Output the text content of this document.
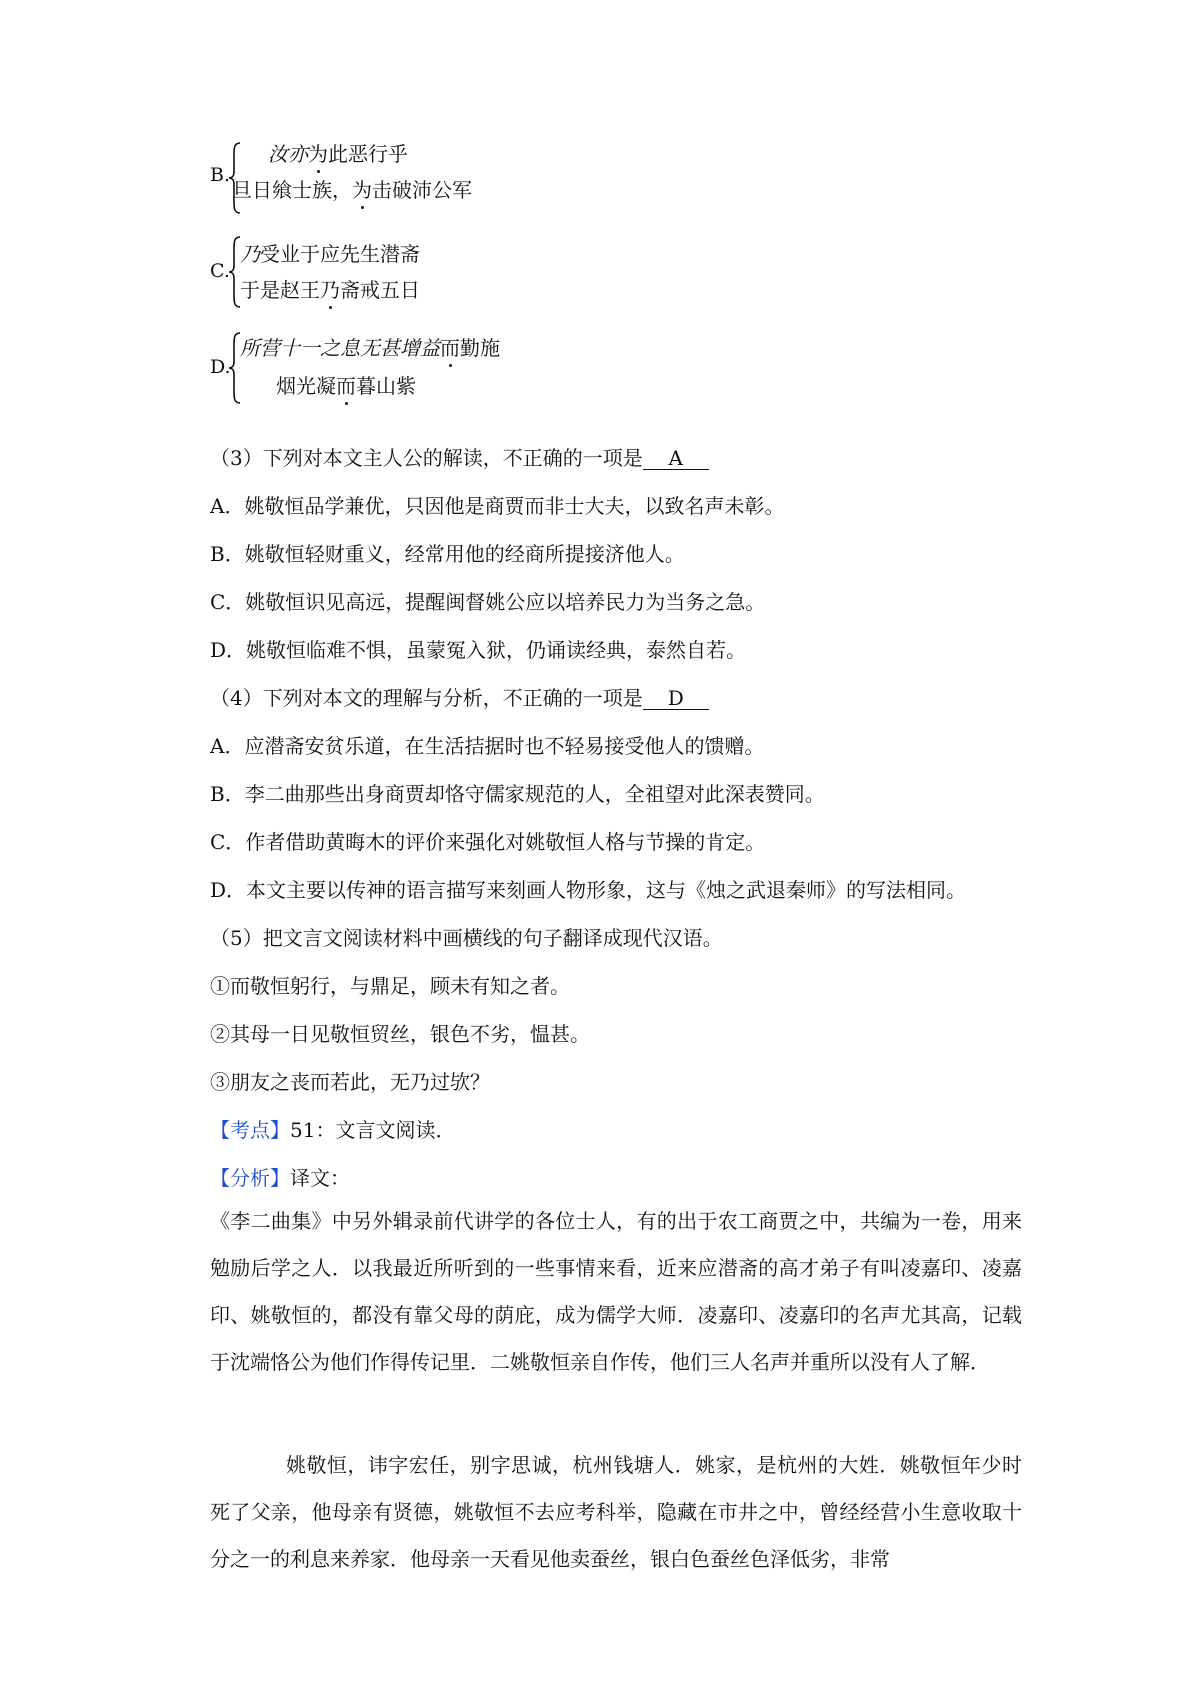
B.
汝亦为此恶行乎
旦日飨士族，为击破沛公军
C.
乃受业于应先生潜斋
于是赵王乃斋戒五日
D.
所营十一之息无甚增益而勤施
烟光凝而暮山紫
（3）下列对本文主人公的解读，不正确的一项是 A
A．姚敬恒品学兼优，只因他是商贾而非士大夫，以致名声未彰。
B．姚敬恒轻财重义，经常用他的经商所提接济他人。
C．姚敬恒识见高远，提醒闽督姚公应以培养民力为当务之急。
D．姚敬恒临难不惧，虽蒙冤入狱，仍诵读经典，泰然自若。
（4）下列对本文的理解与分析，不正确的一项是 D
A．应潜斋安贫乐道，在生活拮据时也不轻易接受他人的馈赠。
B．李二曲那些出身商贾却恪守儒家规范的人，全祖望对此深表赞同。
C．作者借助黄晦木的评价来强化对姚敬恒人格与节操的肯定。
D．本文主要以传神的语言描写来刻画人物形象，这与《烛之武退秦师》的写法相同。
（5）把文言文阅读材料中画横线的句子翻译成现代汉语。
①而敬恒躬行，与鼎足，顾未有知之者。
②其母一日见敬恒贸丝，银色不劣，愠甚。
③朋友之丧而若此，无乃过欤？
【考点】51：文言文阅读．
【分析】译文：
《李二曲集》中另外辑录前代讲学的各位士人，有的出于农工商贾之中，共编为一卷，用来勉励后学之人．以我最近所听到的一些事情来看，近来应潜斋的高才弟子有叫凌嘉印、凌嘉印、姚敬恒的，都没有靠父母的荫庇，成为儒学大师．凌嘉印、凌嘉印的名声尤其高，记载于沈端恪公为他们作得传记里．二姚敬恒亲自作传，他们三人名声并重所以没有人了解．
姚敬恒，讳字宏任，别字思诚，杭州钱塘人．姚家，是杭州的大姓．姚敬恒年少时死了父亲，他母亲有贤德，姚敬恒不去应考科举，隐藏在市井之中，曾经经营小生意收取十分之一的利息来养家．他母亲一天看见他卖蚕丝，银白色蚕丝色泽低劣，非常
